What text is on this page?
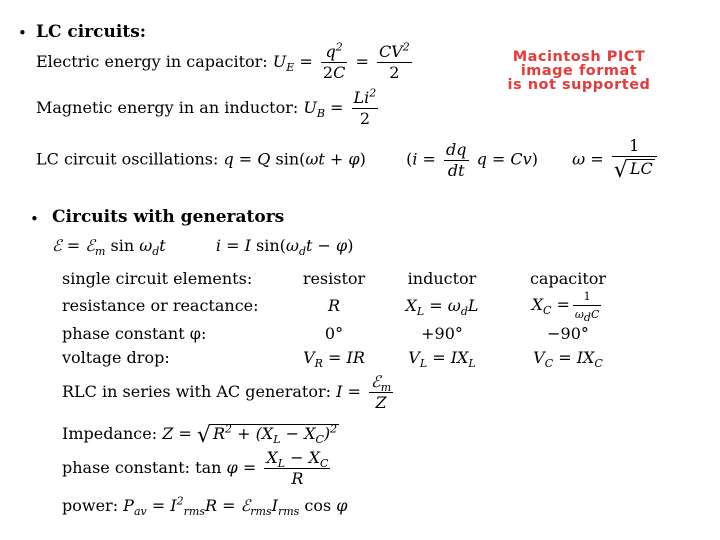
• LC circuits:
Electric energy in capacitor: $U_E = \frac{q^2}{2C} = \frac{CV^2}{2}$	Macintosh PICT
image format
is not supported
Magnetic energy in an inductor: $U_B = \frac{Li^2}{2}$
LC circuit oscillations: q = Q sin(ωt + φ)	($i = \frac{dq}{dt}$ q = Cv) $\omega = \frac{1}{√ LC}$
• Circuits with generators
ℰ = ℰ$_m$ $\sin \omega_dt$	i = I $\sin(\omega_dt - \varphi)$
single circuit elements:	resistor	inductor	capacitor
resistance or reactance:	R	$X_L = \omega_dL$	$X_C = \frac{1}{\omega_dC}$

phase constant φ:	0°	+90°	−90°
voltage drop:	$V_R$ = IR	$V_L = IX_L$	$V_C = IX_C$
RLC in series with AC generator: $I = \frac{ℰ_m}{Z}$
Impedance: Z = √ $R^2 + (X_L - X_C)^2$
phase constant: $\tan \varphi = \frac{X_L - X_C}{R}$
power: $P_{av} = I^2_{rms}R$ = $ℰ_{rms}I_{rms}$ cos φ
